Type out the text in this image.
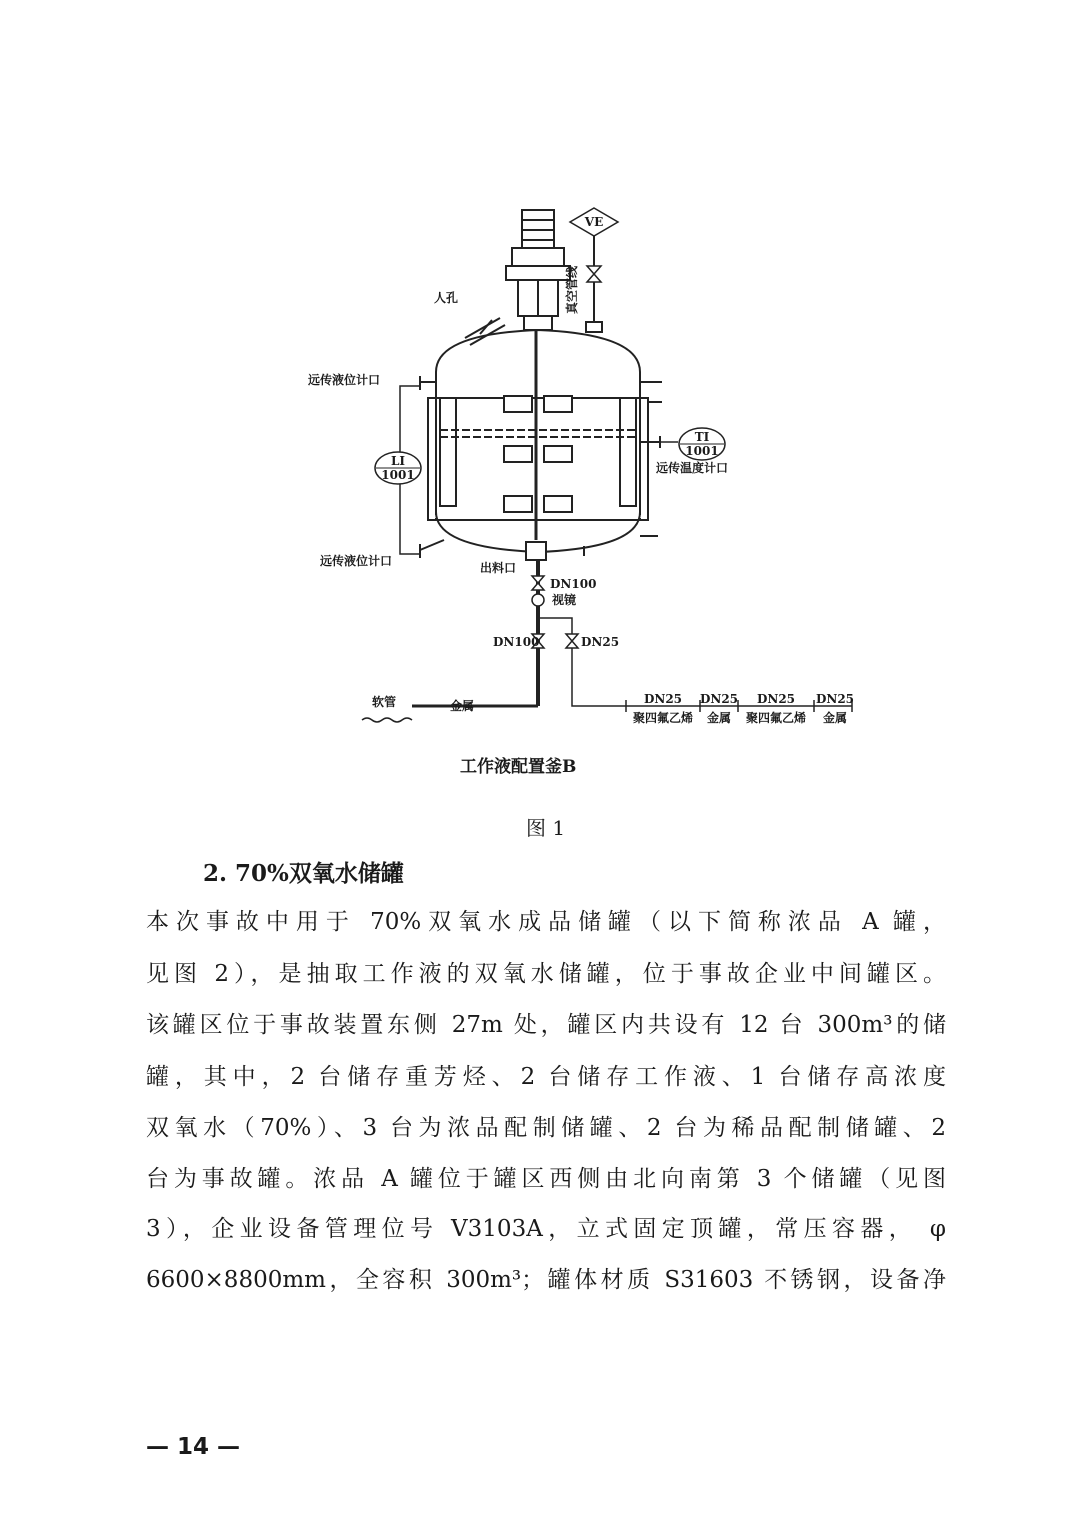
VE
真空管线
人孔
远传液位计口
LI
1001
TI
1001
远传温度计口
远传液位计口	出料口
DN100
视镜
DN100	DN25
软管	金属	DN25 DN25 DN25 DN25
聚四氟乙烯 金属 聚四氟乙烯 金属
工作液配置釜B
图 1
2. 70%双氧水储罐
本次事故中用于 70%双氧水成品储罐（以下简称浓品 A 罐，
见图 2），是抽取工作液的双氧水储罐，位于事故企业中间罐区。
该罐区位于事故装置东侧 27m 处，罐区内共设有 12 台 300m³的储
罐，其中，2 台储存重芳烃、2 台储存工作液、1 台储存高浓度
双氧水（70%）、3 台为浓品配制储罐、2 台为稀品配制储罐、2
台为事故罐。浓品 A 罐位于罐区西侧由北向南第 3 个储罐（见图
3），企业设备管理位号 V3103A，立式固定顶罐，常压容器， φ
6600×8800mm，全容积 300m³；罐体材质 S31603 不锈钢，设备净
— 14 —
